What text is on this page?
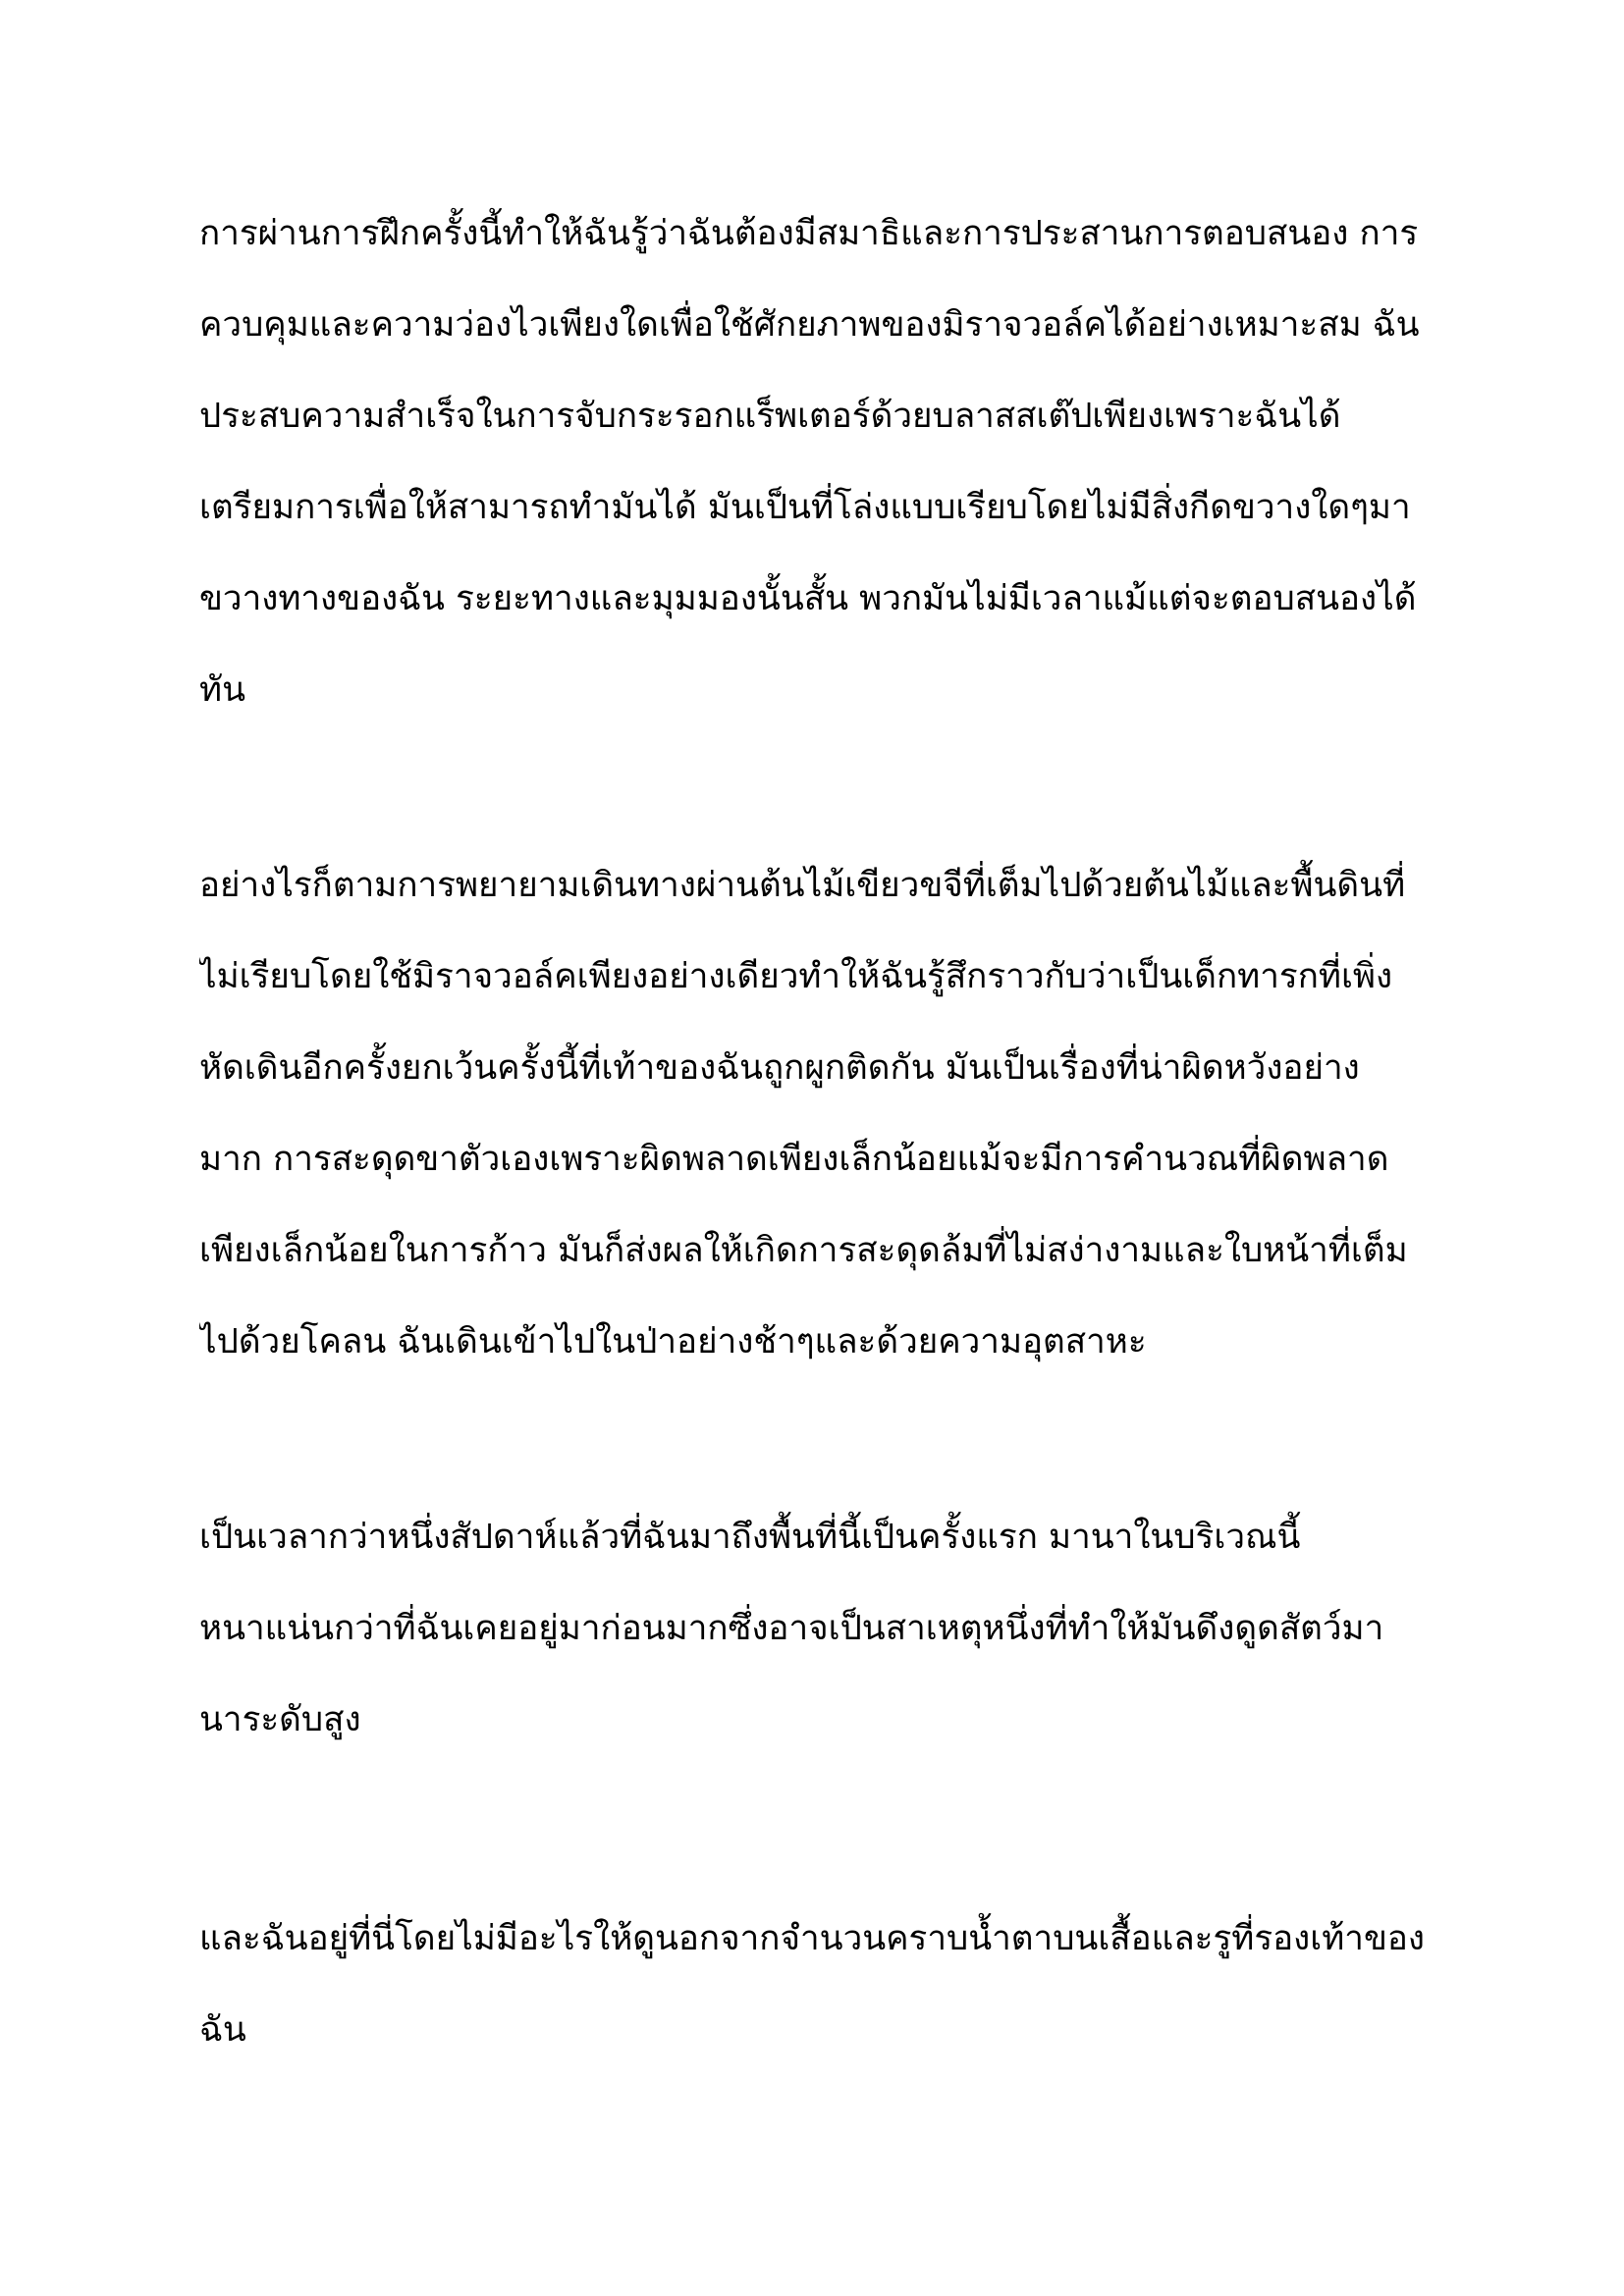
การผ่านการฝึกครั้งนี้ทำให้ฉันรู้ว่าฉันต้องมีสมาธิและการประสานการตอบสนอง การ
ควบคุมและความว่องไวเพียงใดเพื่อใช้ศักยภาพของมิราจวอล์คได้อย่างเหมาะสม ฉัน
ประสบความสำเร็จในการจับกระรอกแร็พเตอร์ด้วยบลาสสเต๊ปเพียงเพราะฉันได้
เตรียมการเพื่อให้สามารถทำมันได้ มันเป็นที่โล่งแบบเรียบโดยไม่มีสิ่งกีดขวางใดๆมา
ขวางทางของฉัน ระยะทางและมุมมองนั้นสั้น พวกมันไม่มีเวลาแม้แต่จะตอบสนองได้
ทัน
อย่างไรก็ตามการพยายามเดินทางผ่านต้นไม้เขียวขจีที่เต็มไปด้วยต้นไม้และพื้นดินที่
ไม่เรียบโดยใช้มิราจวอล์คเพียงอย่างเดียวทำให้ฉันรู้สึกราวกับว่าเป็นเด็กทารกที่เพิ่ง
หัดเดินอีกครั้งยกเว้นครั้งนี้ที่เท้าของฉันถูกผูกติดกัน มันเป็นเรื่องที่น่าผิดหวังอย่าง
มาก การสะดุดขาตัวเองเพราะผิดพลาดเพียงเล็กน้อยแม้จะมีการคำนวณที่ผิดพลาด
เพียงเล็กน้อยในการก้าว มันก็ส่งผลให้เกิดการสะดุดล้มที่ไม่สง่างามและใบหน้าที่เต็ม
ไปด้วยโคลน ฉันเดินเข้าไปในป่าอย่างช้าๆและด้วยความอุตสาหะ
เป็นเวลากว่าหนึ่งสัปดาห์แล้วที่ฉันมาถึงพื้นที่นี้เป็นครั้งแรก มานาในบริเวณนี้
หนาแน่นกว่าที่ฉันเคยอยู่มาก่อนมากซึ่งอาจเป็นสาเหตุหนึ่งที่ทำให้มันดึงดูดสัตว์มา
นาระดับสูง
และฉันอยู่ที่นี่โดยไม่มีอะไรให้ดูนอกจากจำนวนคราบน้ำตาบนเสื้อและรูที่รองเท้าของ
ฉัน
